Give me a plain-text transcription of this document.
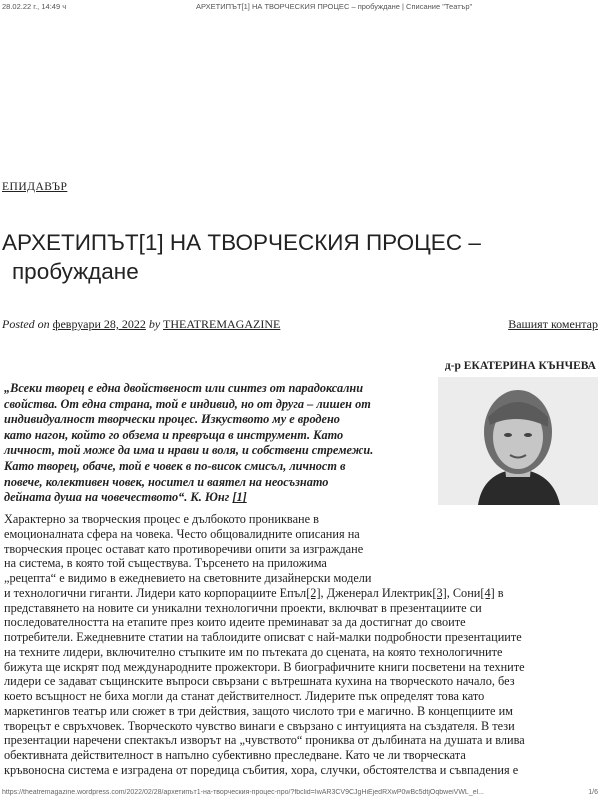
28.02.22 г., 14:49 ч	АРХЕТИПЪТ[1] НА ТВОРЧЕСКИЯ ПРОЦЕС – пробуждане | Списание "Театър"
ЕПИДАВЪР
АРХЕТИПЪТ[1] НА ТВОРЧЕСКИЯ ПРОЦЕС –
пробуждане
Posted on февруари 28, 2022 by THEATREMAGAZINE	Вашият коментар
д-р ЕКАТЕРИНА КЪНЧЕВА
„Всеки творец е една двойственост или синтез от парадоксални
свойства. От една страна, той е индивид, но от друга – лишен от
индивидуалност творчески процес. Изкуството му е вродено
като нагон, който го обзема и превръща в инструмент. Като
личност, той може да има и нрави и воля, и собствени стремежи.
Като творец, обаче, той е човек в по-висок смисъл, личност в
повече, колективен човек, носител и ваятел на неосъзнато
дейната душа на човечеството“. К. Юнг [1]
Характерно за творческия процес е дълбокото проникване в
емоционалната сфера на човека. Често общовалидните описания на
творческия процес остават като противоречиви опити за изграждане
на система, в която той съществува. Търсенето на приложима
„рецепта“ е видимо в ежедневието на световните дизайнерски модели
и технологични гиганти. Лидери като корпорациите Епъл[2], Дженерал Илектрик[3], Сони[4] в
представянето на новите си уникални технологични проекти, включват в презентациите си
последователността на етапите през които идеите преминават за да достигнат до своите
потребители. Ежедневните статии на таблоидите описват с най-малки подробности презентациите
на техните лидери, включително стъпките им по пътеката до сцената, на която технологичните
бижута ще искрят под международните прожектори. В биографичните книги посветени на техните
лидери се задават същинските въпроси свързани с вътрешната кухина на творческото начало, без
което всъщност не биха могли да станат действителност. Лидерите пък определят това като
маркетингов театър или сюжет в три действия, защото числото три е магично. В концепциите им
творецът е свръхчовек. Творческото чувство винаги е свързано с интуицията на създателя. В тези
презентации наречени спектакъл изворът на „чувството“ прониква от дълбината на душата и влива
обективната действителност в напълно субективно преследване. Като че ли творческата
кръвоносна система е изградена от поредица събития, хора, случки, обстоятелства и съвпадения е
https://theatremagazine.wordpress.com/2022/02/28/архетипът1-на-творческия-процес-про/?fbclid=IwAR3CV9CJgHiEjedRXwP0wBc5dtjOqbweiVWL_el...	1/6
